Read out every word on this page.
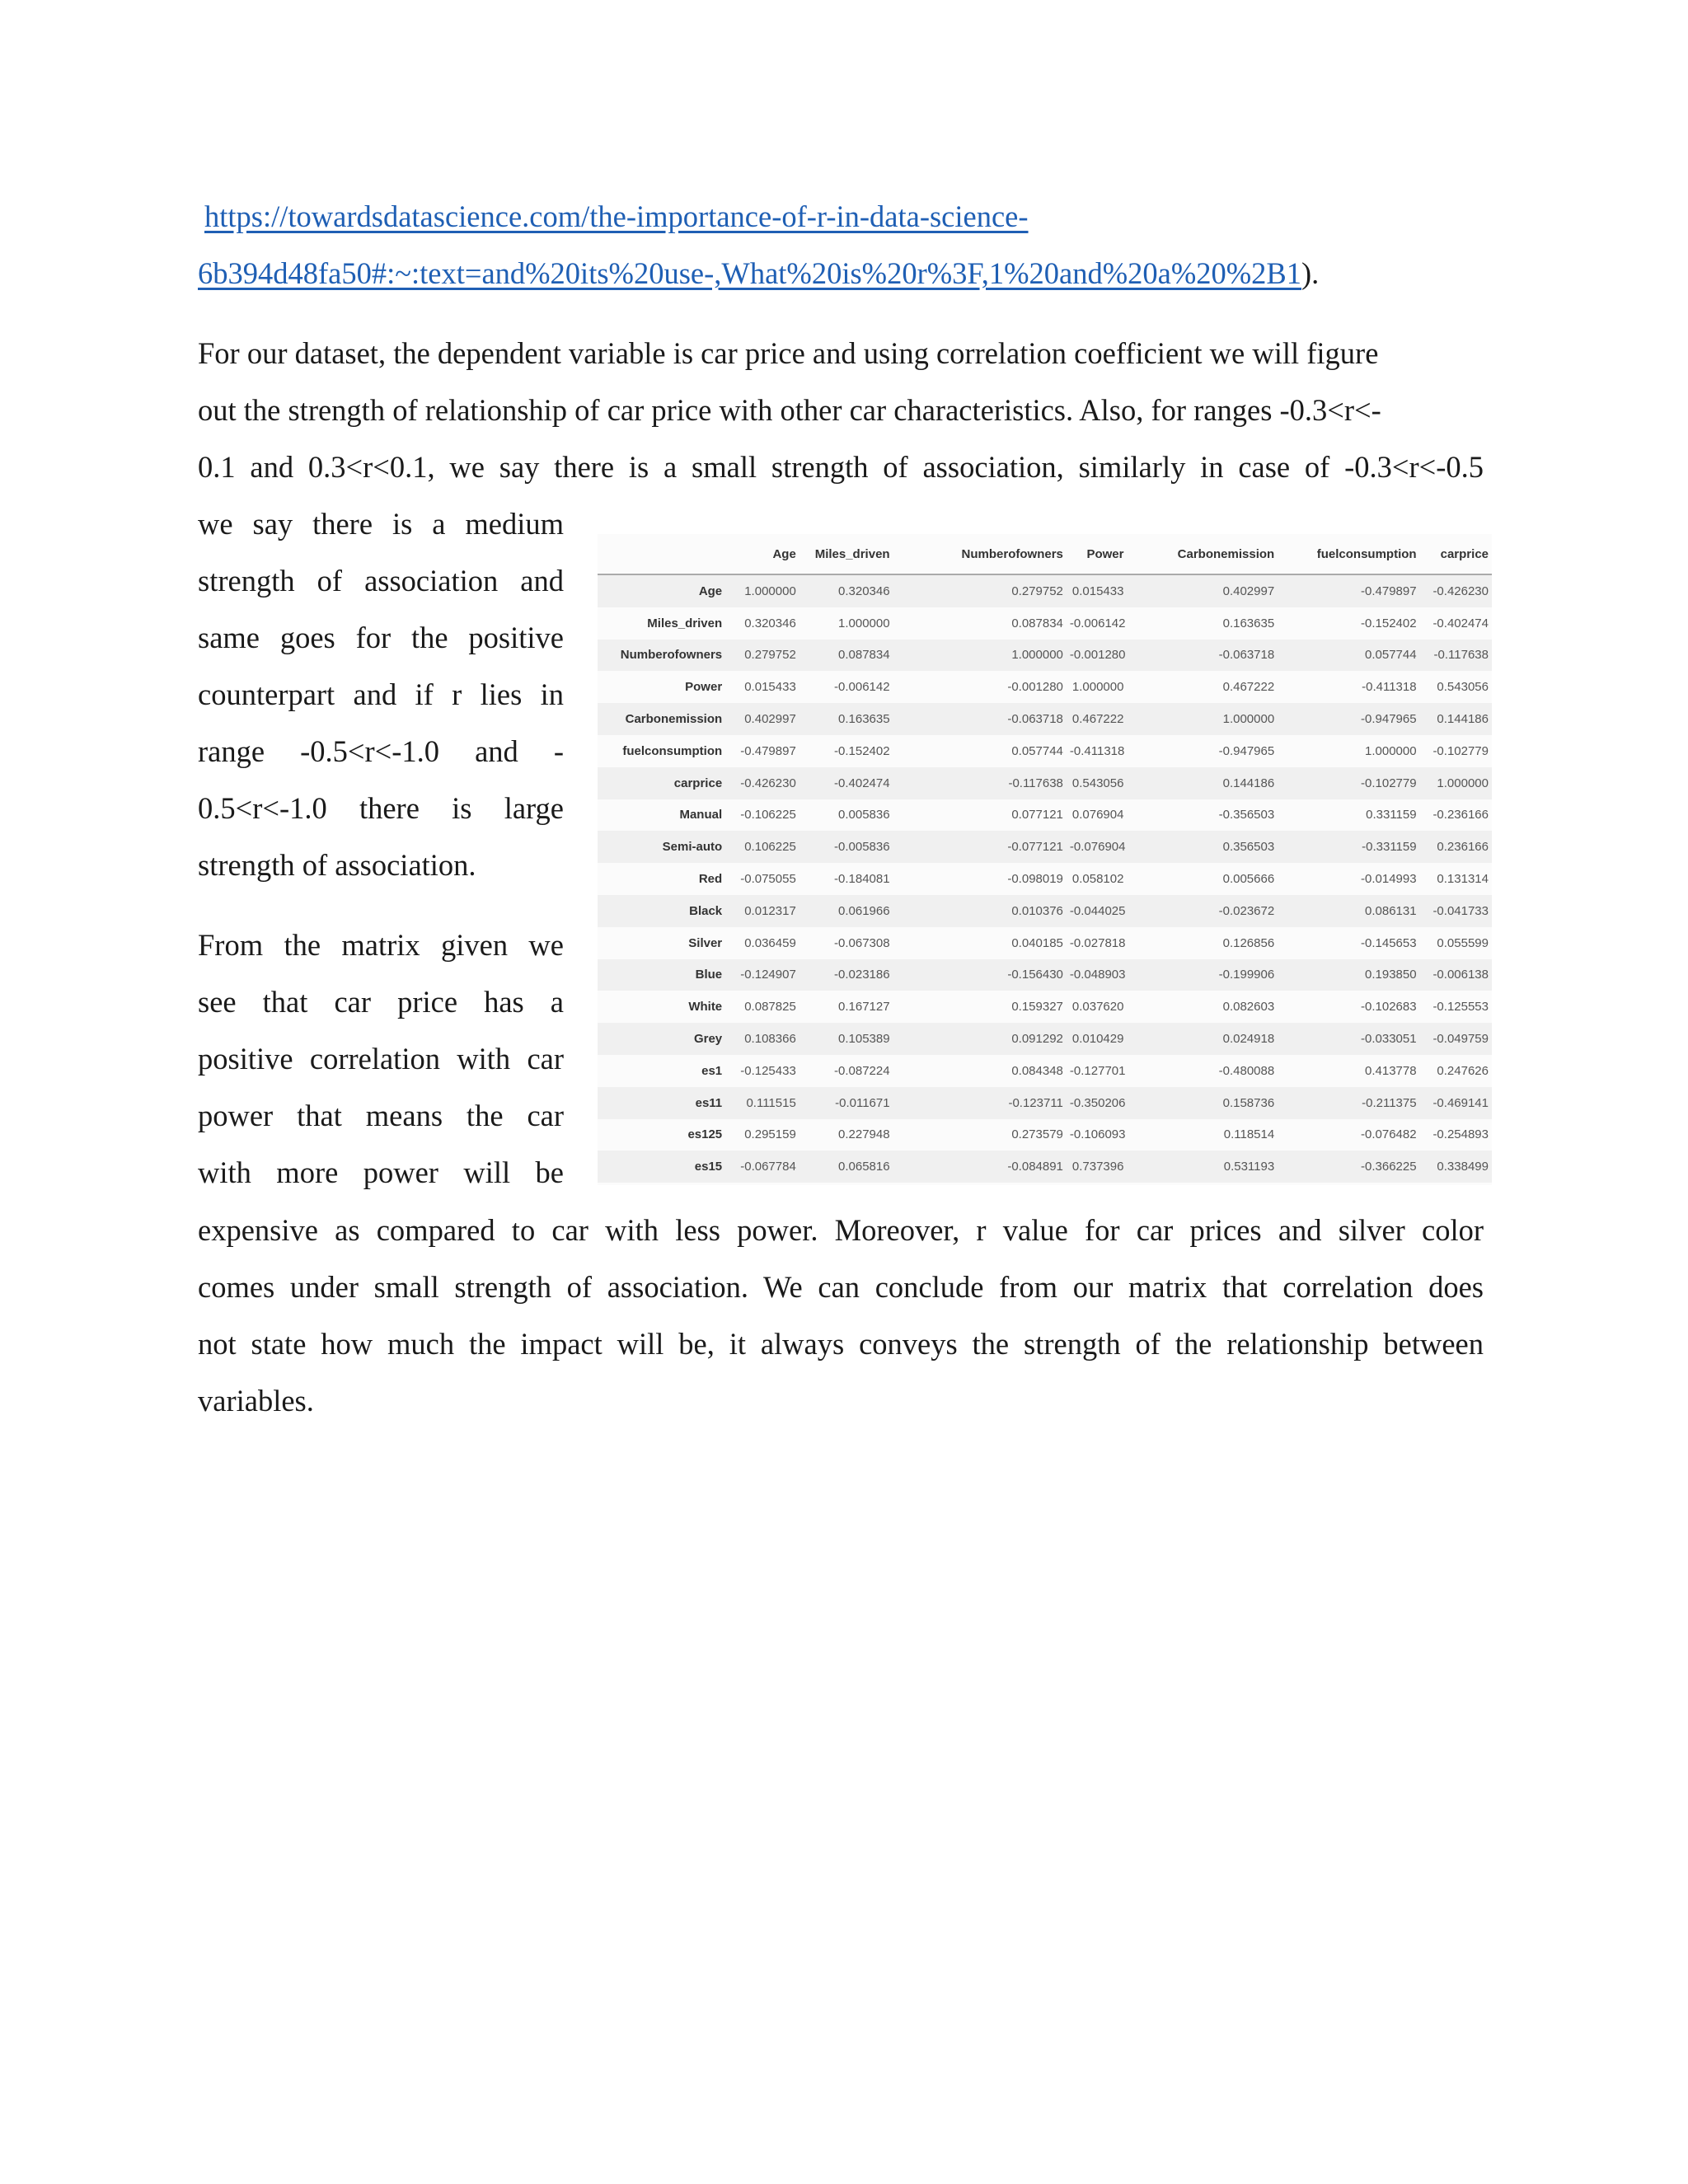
https://towardsdatascience.com/the-importance-of-r-in-data-science-
6b394d48fa50#:~:text=and%20its%20use-,What%20is%20r%3F,1%20and%20a%20%2B1).
For our dataset, the dependent variable is car price and using correlation coefficient we will figure
out the strength of relationship of car price with other car characteristics. Also, for ranges -0.3<r<-
0.1 and 0.3<r<0.1, we say there is a small strength of association, similarly in case of -0.3<r<-0.5
we say there is a medium
strength of association and
same goes for the positive
counterpart and if r lies in
range -0.5<r<-1.0 and -
0.5<r<-1.0 there is large
strength of association.
From the matrix given we
see that car price has a
positive correlation with car
power that means the car
with more power will be
expensive as compared to car with less power. Moreover, r value for car prices and silver color
comes under small strength of association. We can conclude from our matrix that correlation does
not state how much the impact will be, it always conveys the strength of the relationship between
variables.
	Age	Miles_driven	Numberofowners	Power	Carbonemission	fuelconsumption	carprice
Age	1.000000	0.320346	0.279752	0.015433	0.402997	-0.479897	-0.426230
Miles_driven	0.320346	1.000000	0.087834	-0.006142	0.163635	-0.152402	-0.402474
Numberofowners	0.279752	0.087834	1.000000	-0.001280	-0.063718	0.057744	-0.117638
Power	0.015433	-0.006142	-0.001280	1.000000	0.467222	-0.411318	0.543056
Carbonemission	0.402997	0.163635	-0.063718	0.467222	1.000000	-0.947965	0.144186
fuelconsumption	-0.479897	-0.152402	0.057744	-0.411318	-0.947965	1.000000	-0.102779
carprice	-0.426230	-0.402474	-0.117638	0.543056	0.144186	-0.102779	1.000000
Manual	-0.106225	0.005836	0.077121	0.076904	-0.356503	0.331159	-0.236166
Semi-auto	0.106225	-0.005836	-0.077121	-0.076904	0.356503	-0.331159	0.236166
Red	-0.075055	-0.184081	-0.098019	0.058102	0.005666	-0.014993	0.131314
Black	0.012317	0.061966	0.010376	-0.044025	-0.023672	0.086131	-0.041733
Silver	0.036459	-0.067308	0.040185	-0.027818	0.126856	-0.145653	0.055599
Blue	-0.124907	-0.023186	-0.156430	-0.048903	-0.199906	0.193850	-0.006138
White	0.087825	0.167127	0.159327	0.037620	0.082603	-0.102683	-0.125553
Grey	0.108366	0.105389	0.091292	0.010429	0.024918	-0.033051	-0.049759
es1	-0.125433	-0.087224	0.084348	-0.127701	-0.480088	0.413778	0.247626
es11	0.111515	-0.011671	-0.123711	-0.350206	0.158736	-0.211375	-0.469141
es125	0.295159	0.227948	0.273579	-0.106093	0.118514	-0.076482	-0.254893
es15	-0.067784	0.065816	-0.084891	0.737396	0.531193	-0.366225	0.338499
